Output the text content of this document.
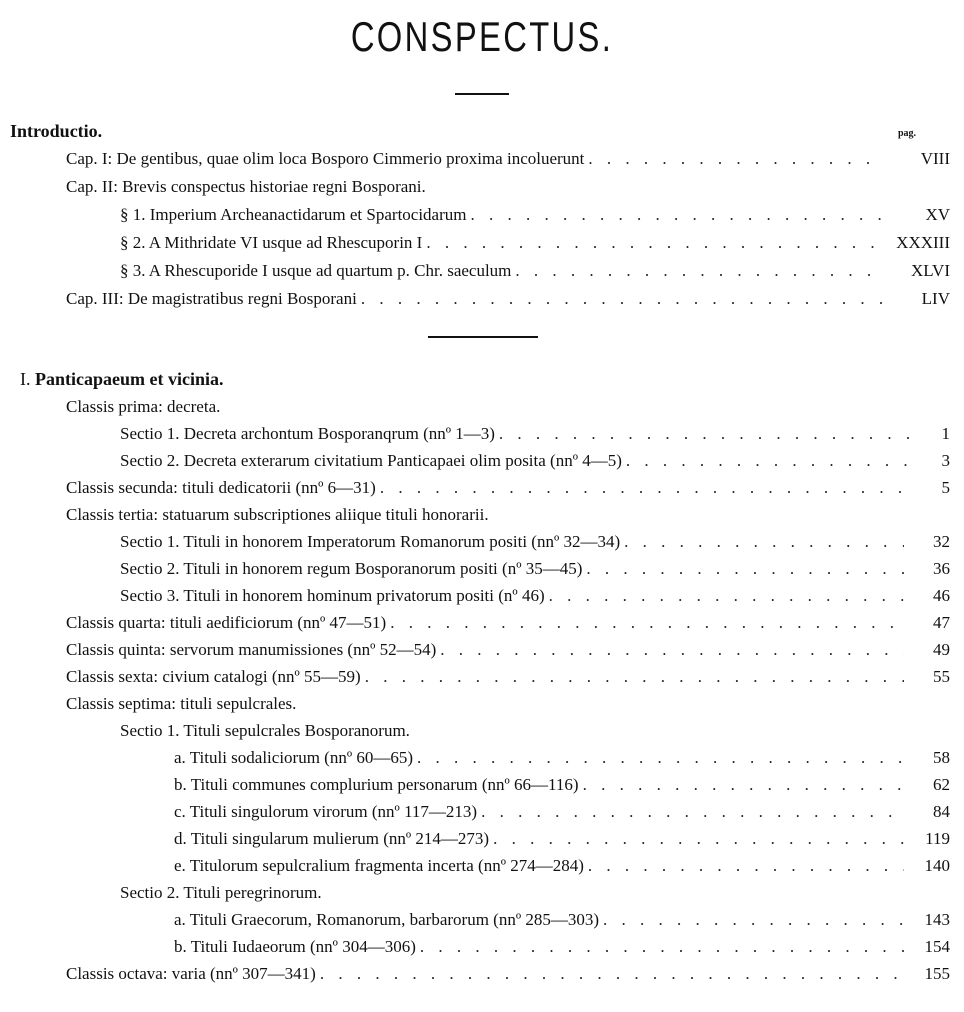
CONSPECTUS.
Introductio.	pag.
Cap. I: De gentibus, quae olim loca Bosporo Cimmerio proxima incoluerunt . . .	VIII
Cap. II: Brevis conspectus historiae regni Bosporani.
§ 1. Imperium Archeanactidarum et Spartocidarum . . .	XV
§ 2. A Mithridate VI usque ad Rhescuporin I . . .	XXXIII
§ 3. A Rhescuporide I usque ad quartum p. Chr. saeculum . . .	XLVI
Cap. III: De magistratibus regni Bosporani . . .	LIV
I. Panticapaeum et vicinia.
Classis prima: decreta.
Sectio 1. Decreta archontum Bosporanqrum (nnº 1—3) . . .	1
Sectio 2. Decreta exterarum civitatium Panticapaei olim posita (nnº 4—5) . . .	3
Classis secunda: tituli dedicatorii (nnº 6—31) . . .	5
Classis tertia: statuarum subscriptiones aliique tituli honorarii.
Sectio 1. Tituli in honorem Imperatorum Romanorum positi (nnº 32—34) . . .	32
Sectio 2. Tituli in honorem regum Bosporanorum positi (nº 35—45) . . .	36
Sectio 3. Tituli in honorem hominum privatorum positi (nº 46) . . .	46
Classis quarta: tituli aedificiorum (nnº 47—51) . . .	47
Classis quinta: servorum manumissiones (nnº 52—54) . . .	49
Classis sexta: civium catalogi (nnº 55—59) . . .	55
Classis septima: tituli sepulcrales.
Sectio 1. Tituli sepulcrales Bosporanorum.
a. Tituli sodaliciorum (nnº 60—65) . . .	58
b. Tituli communes complurium personarum (nnº 66—116) . . .	62
c. Tituli singulorum virorum (nnº 117—213) . . .	84
d. Tituli singularum mulierum (nnº 214—273) . . .	119
e. Titulorum sepulcralium fragmenta incerta (nnº 274—284) . . .	140
Sectio 2. Tituli peregrinorum.
a. Tituli Graecorum, Romanorum, barbarorum (nnº 285—303) . . .	143
b. Tituli Iudaeorum (nnº 304—306) . . .	154
Classis octava: varia (nnº 307—341) . . .	155
